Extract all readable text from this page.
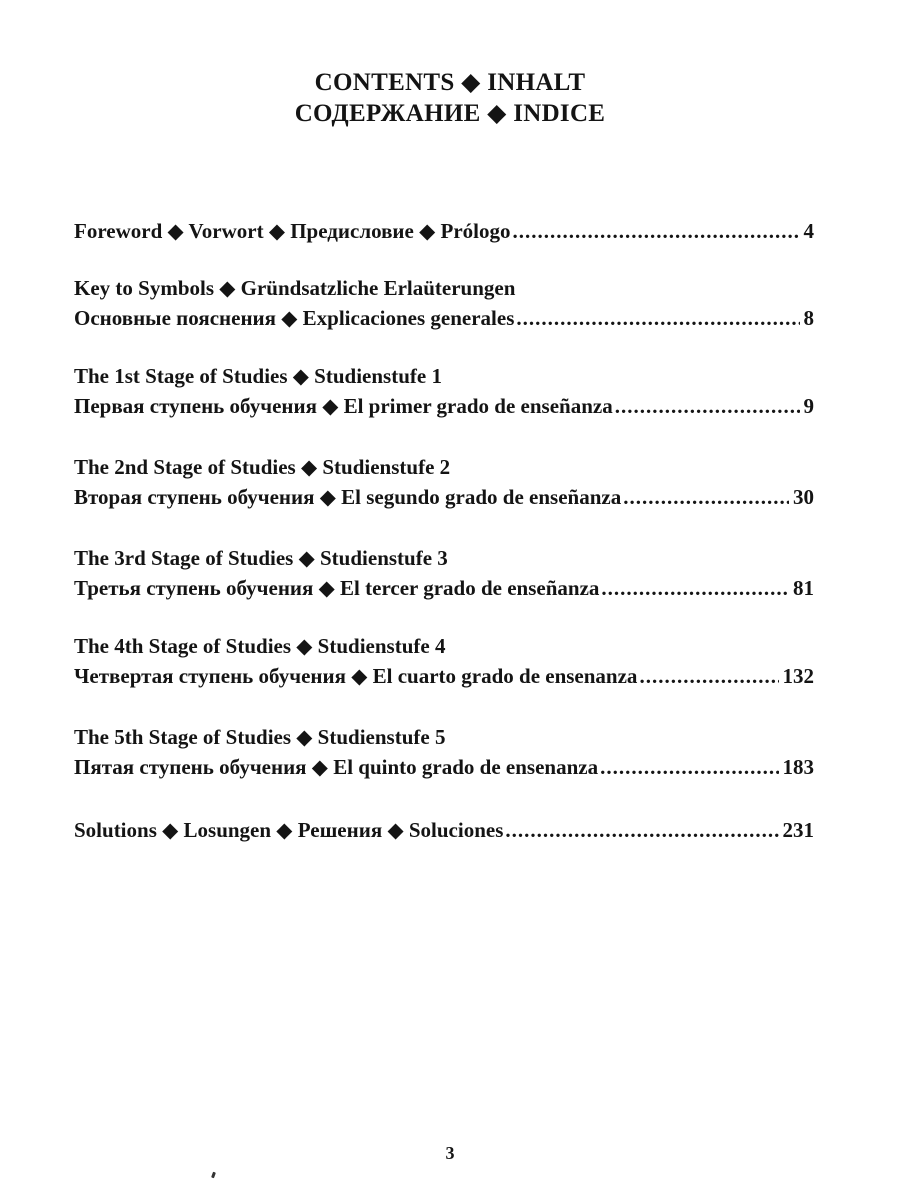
CONTENTS ◆ INHALT
СОДЕРЖАНИЕ ◆ INDICE
Foreword ◆ Vorwort ◆ Предисловие ◆ Prólogo .....	4
Key to Symbols ◆ Gründsatzliche Erlaüterungen
Основные пояснения ◆ Explicaciones generales .....	8
The 1st Stage of Studies ◆ Studienstufe 1
Первая ступень обучения ◆ El primer grado de enseñanza .....	9
The 2nd Stage of Studies ◆ Studienstufe 2
Вторая ступень обучения ◆ El segundo grado de enseñanza .....	30
The 3rd Stage of Studies ◆ Studienstufe 3
Третья ступень обучения ◆ El tercer grado de enseñanza .....	81
The 4th Stage of Studies ◆ Studienstufe 4
Четвертая ступень обучения ◆ El cuarto grado de ensenanza .....	132
The 5th Stage of Studies ◆ Studienstufe 5
Пятая ступень обучения ◆ El quinto grado de ensenanza .....	183
Solutions ◆ Losungen ◆ Решения ◆ Soluciones .....	231
3
